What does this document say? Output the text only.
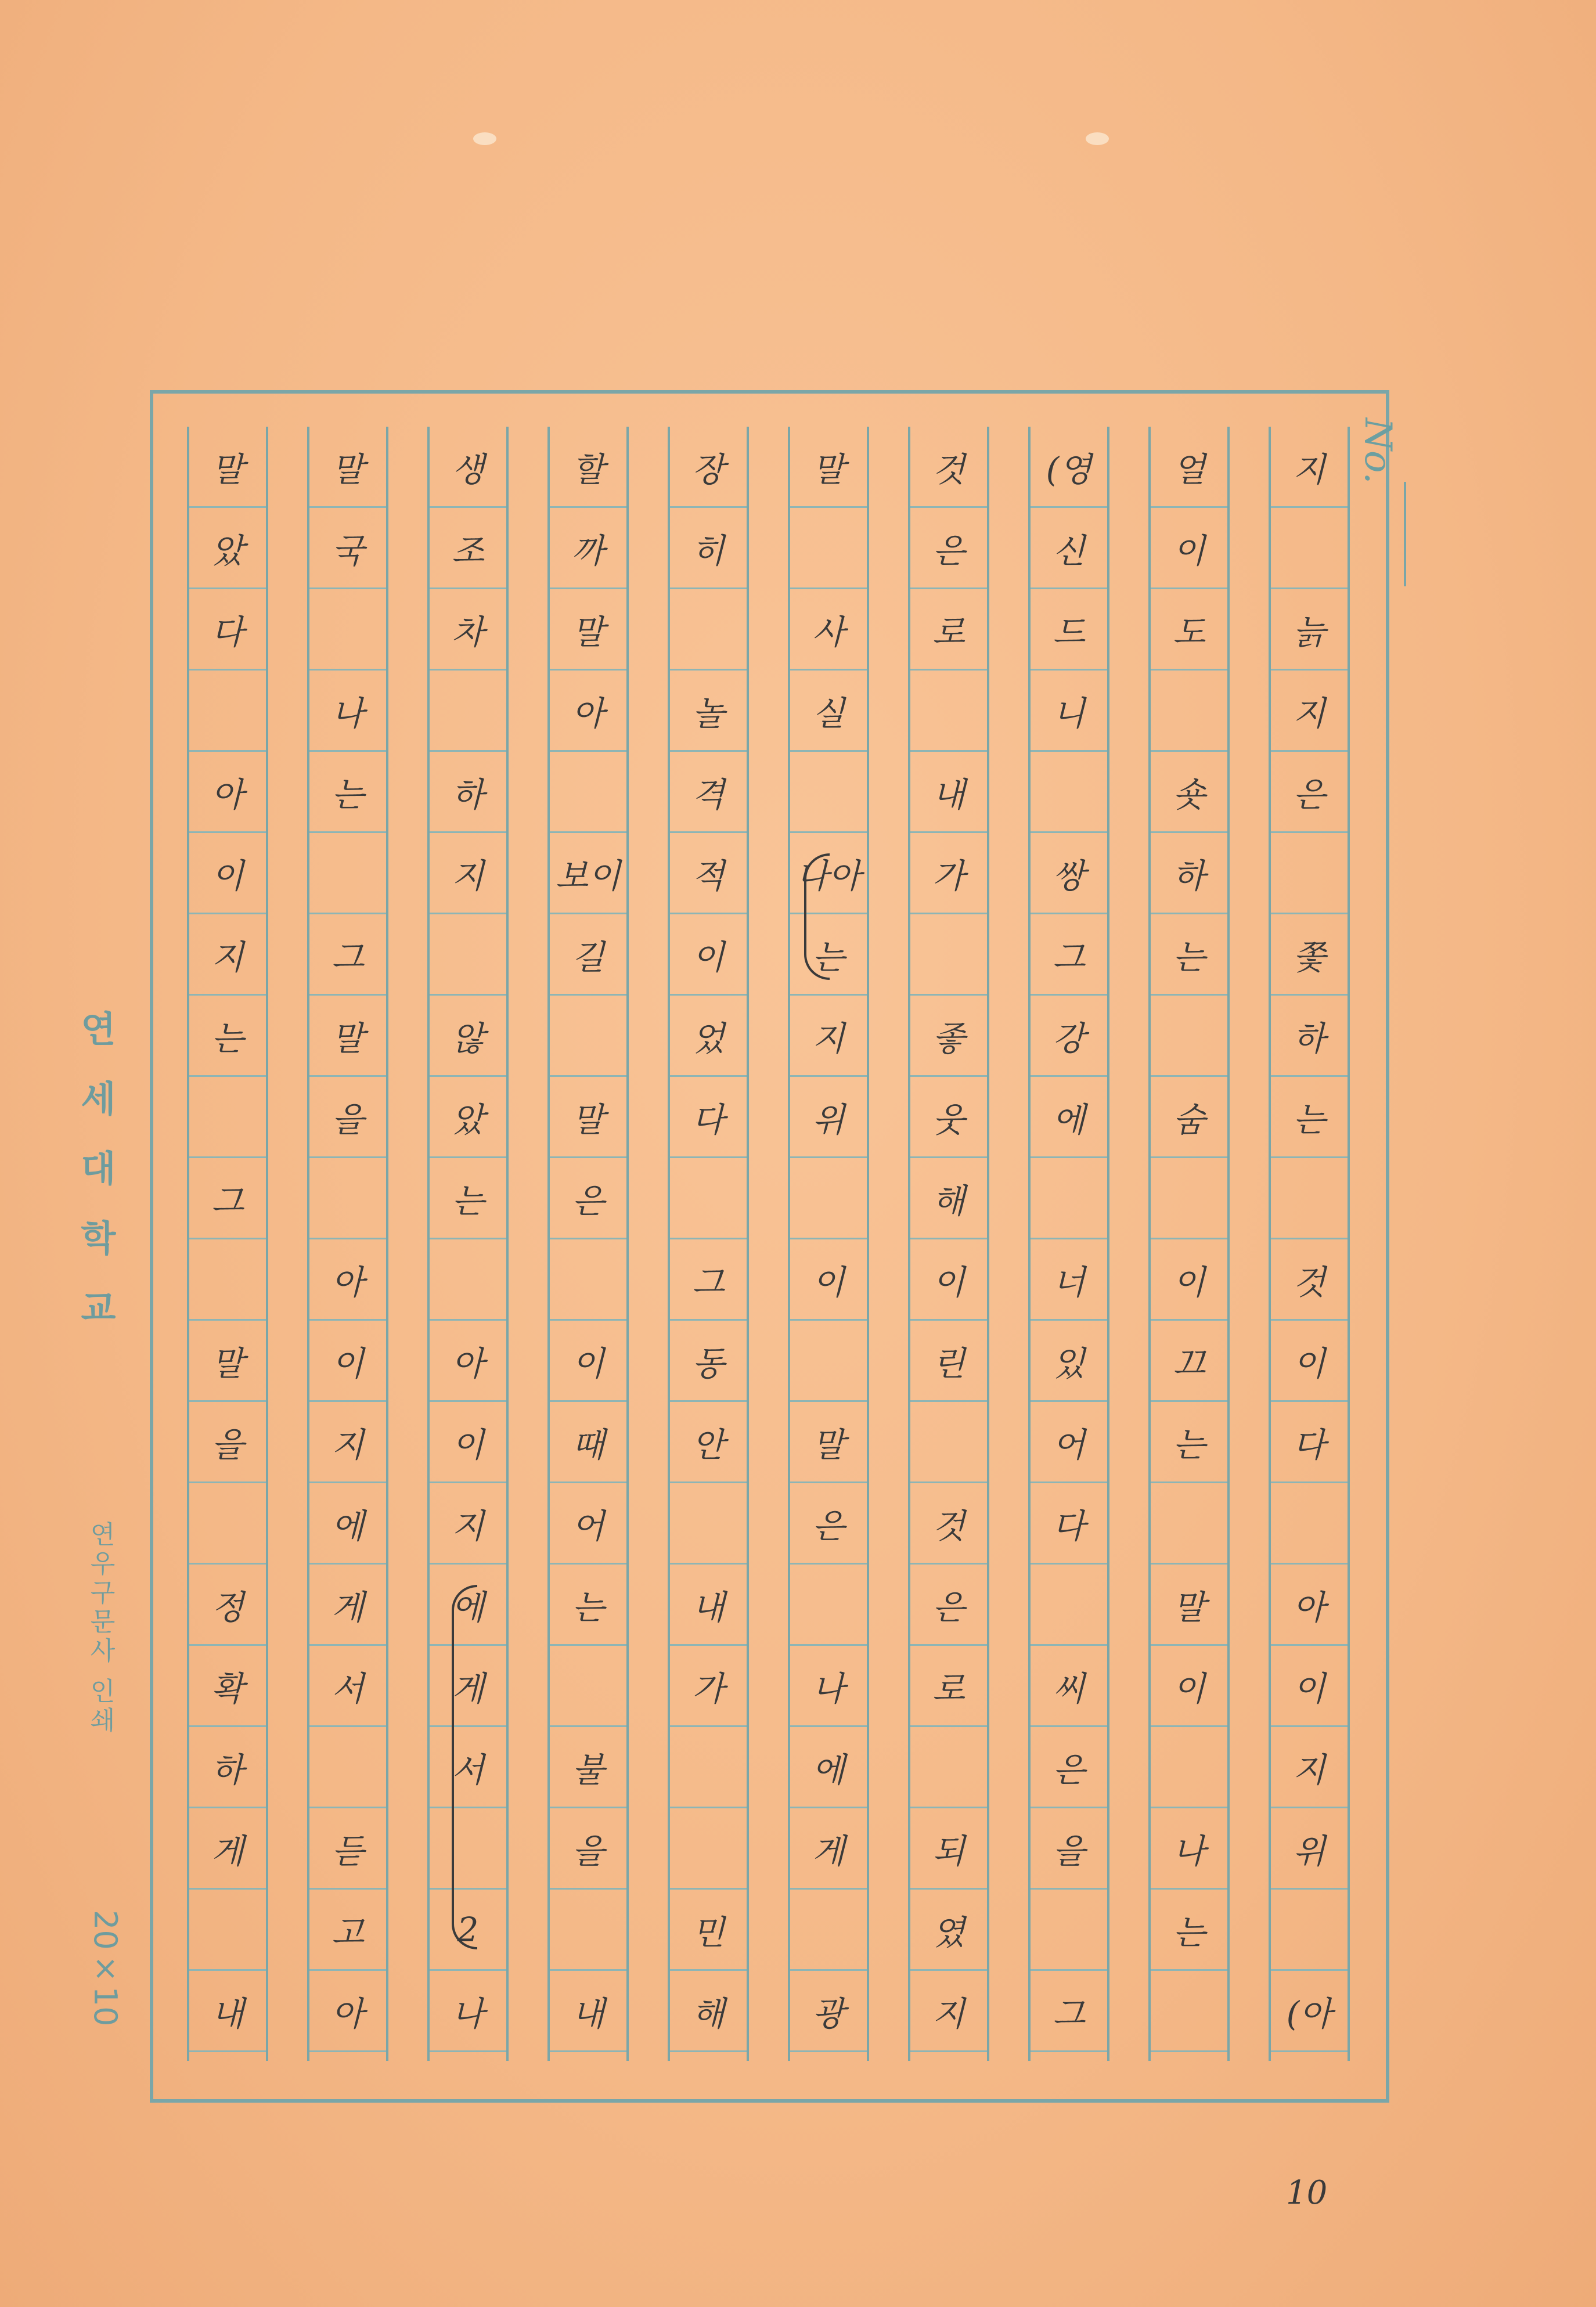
No.
지
늙
지
은
쫓
하
는
것
이
다
아
이
지
위
(아
얼
이
도
숏
하
는
숨
이
끄
는
말
이
나
는
(영
신
드
니
쌍
그
강
에
너
있
어
다
씨
은
을
그
것
은
로
내
가
좋
웃
해
이
린
것
은
로
되
였
지
말
사
실
나아
는
지
위
이
말
은
나
에
게
광
장
히
놀
격
적
이
었
다
그
동
안
내
가
민
해
할
까
말
아
보이
길
말
은
이
때
어
는
불
을
내
생
조
차
하
지
않
았
는
아
이
지
에
게
서
2
나
말
국
나
는
그
말
을
아
이
지
에
게
서
듣
고
아
말
았
다
아
이
지
는
그
말
을
정
확
하
게
내
연세대학교
연우구문사 인쇄
20×10
10
